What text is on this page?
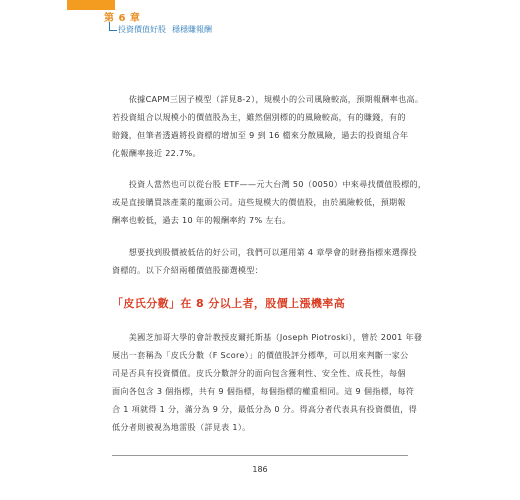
第 6 章
投資價值好股 穩穩賺報酬

　　依據CAPM三因子模型（詳見8-2），規模小的公司風險較高，預期報酬率也高。
若投資組合以規模小的價值股為主，雖然個別標的的風險較高，有的賺錢，有的
賠錢，但筆者透過將投資標的增加至 9 到 16 檔來分散風險，過去的投資組合年
化報酬率接近 22.7%。

　　投資人當然也可以從台股 ETF——元大台灣 50（0050）中來尋找價值股標的，
或是直接購買該產業的龍頭公司。這些規模大的價值股，由於風險較低，預期報
酬率也較低，過去 10 年的報酬率約 7% 左右。

　　想要找到股價被低估的好公司，我們可以運用第 4 章學會的財務指標來選擇投
資標的。以下介紹兩種價值股篩選模型：

「皮氏分數」在 8 分以上者，股價上漲機率高

　　美國芝加哥大學的會計教授皮爾托斯基（Joseph Piotroski），曾於 2001 年發
展出一套稱為「皮氏分數（F Score）」的價值股評分標準，可以用來判斷一家公
司是否具有投資價值。皮氏分數評分的面向包含獲利性、安全性、成長性，每個
面向各包含 3 個指標，共有 9 個指標，每個指標的權重相同。這 9 個指標，每符
合 1 項就得 1 分，滿分為 9 分，最低分為 0 分。得高分者代表具有投資價值，得
低分者則被視為地雷股（詳見表 1）。

186
